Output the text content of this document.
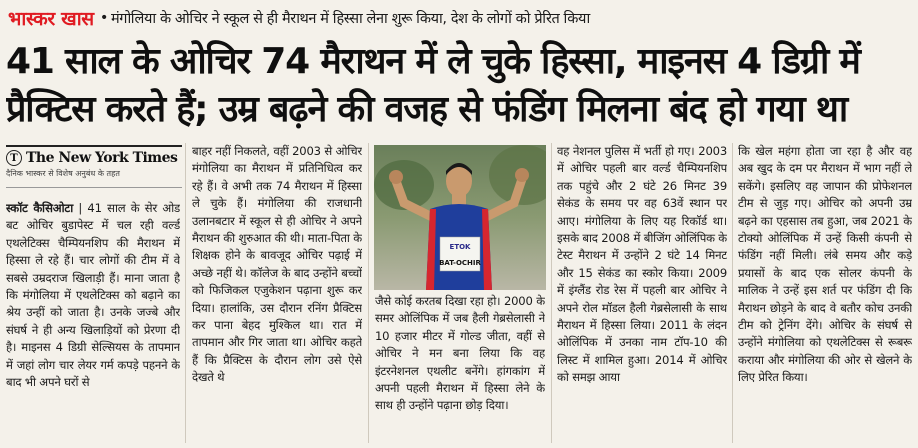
भास्कर खास • मंगोलिया के ओचिर ने स्कूल से ही मैराथन में हिस्सा लेना शुरू किया, देश के लोगों को प्रेरित किया
41 साल के ओचिर 74 मैराथन में ले चुके हिस्सा, माइनस 4 डिग्री में
प्रैक्टिस करते हैं; उम्र बढ़ने की वजह से फंडिंग मिलना बंद हो गया था
T The New York Times
दैनिक भास्कर से विशेष अनुबंध के तहत

स्कॉट कैसिओटा | 41 साल के सेर ओड बट ओचिर बुडापेस्ट में चल रही वर्ल्ड एथलेटिक्स चैम्पियनशिप की मैराथन में हिस्सा ले रहे हैं। चार लोगों की टीम में वे सबसे उम्रदराज खिलाड़ी हैं। माना जाता है कि मंगोलिया में एथलेटिक्स को बढ़ाने का श्रेय उन्हीं को जाता है। उनके जज्बे और संघर्ष ने ही अन्य खिलाड़ियों को प्रेरणा दी है। माइनस 4 डिग्री सेल्सियस के तापमान में जहां लोग चार लेयर गर्म कपड़े पहनने के बाद भी अपने घरों से

बाहर नहीं निकलते, वहीं 2003 से ओचिर मंगोलिया का मैराथन में प्रतिनिधित्व कर रहे हैं। वे अभी तक 74 मैराथन में हिस्सा ले चुके हैं। मंगोलिया की राजधानी उलानबटार में स्कूल से ही ओचिर ने अपने मैराथन की शुरुआत की थी। माता-पिता के शिक्षक होने के बावजूद ओचिर पढ़ाई में अच्छे नहीं थे। कॉलेज के बाद उन्होंने बच्चों को फिजिकल एजुकेशन पढ़ाना शुरू कर दिया। हालांकि, उस दौरान रनिंग प्रैक्टिस कर पाना बेहद मुश्किल था। रात में तापमान और गिर जाता था। ओचिर कहते हैं कि प्रैक्टिस के दौरान लोग उसे ऐसे देखते थे

ETOK
BAT-OCHIR

जैसे कोई करतब दिखा रहा हो। 2000 के समर ओलिंपिक में जब हैली गेब्रसेलासी ने 10 हजार मीटर में गोल्ड जीता, वहीं से ओचिर ने मन बना लिया कि वह इंटरनेशनल एथलीट बनेंगे। हांगकांग में अपनी पहली मैराथन में हिस्सा लेने के साथ ही उन्होंने पढ़ाना छोड़ दिया।

वह नेशनल पुलिस में भर्ती हो गए। 2003 में ओचिर पहली बार वर्ल्ड चैम्पियनशिप तक पहुंचे और 2 घंटे 26 मिनट 39 सेकंड के समय पर वह 63वें स्थान पर आए। मंगोलिया के लिए यह रिकॉर्ड था। इसके बाद 2008 में बीजिंग ओलिंपिक के टेस्ट मैराथन में उन्होंने 2 घंटे 14 मिनट और 15 सेकंड का स्कोर किया। 2009 में इंग्लैंड रोड रेस में पहली बार ओचिर ने अपने रोल मॉडल हैली गेब्रसेलासी के साथ मैराथन में हिस्सा लिया। 2011 के लंदन ओलिंपिक में उनका नाम टॉप-10 की लिस्ट में शामिल हुआ। 2014 में ओचिर को समझ आया

कि खेल महंगा होता जा रहा है और वह अब खुद के दम पर मैराथन में भाग नहीं ले सकेंगे। इसलिए वह जापान की प्रोफेशनल टीम से जुड़ गए। ओचिर को अपनी उम्र बढ़ने का एहसास तब हुआ, जब 2021 के टोक्यो ओलिंपिक में उन्हें किसी कंपनी से फंडिंग नहीं मिली। लंबे समय और कड़े प्रयासों के बाद एक सोलर कंपनी के मालिक ने उन्हें इस शर्त पर फंडिंग दी कि मैराथन छोड़ने के बाद वे बतौर कोच उनकी टीम को ट्रेनिंग देंगे। ओचिर के संघर्ष से उन्होंने मंगोलिया को एथलेटिक्स से रूबरू कराया और मंगोलिया की ओर से खेलने के लिए प्रेरित किया।
